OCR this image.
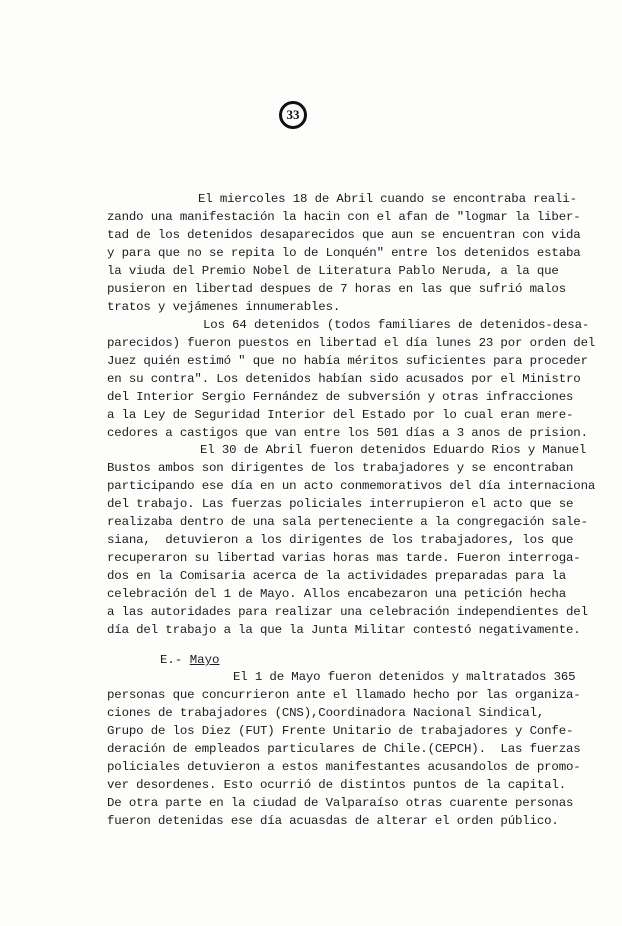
33
El miercoles 18 de Abril cuando se encontraba reali-
zando una manifestación la hacin con el afan de "logmar la liber-
tad de los detenidos desaparecidos que aun se encuentran con vida
y para que no se repita lo de Lonquén" entre los detenidos estaba
la viuda del Premio Nobel de Literatura Pablo Neruda, a la que
pusieron en libertad despues de 7 horas en las que sufrió malos
tratos y vejámenes innumerables.
Los 64 detenidos (todos familiares de detenidos-desa-
parecidos) fueron puestos en libertad el día lunes 23 por orden del
Juez quién estimó " que no había méritos suficientes para proceder
en su contra". Los detenidos habían sido acusados por el Ministro
del Interior Sergio Fernández de subversión y otras infracciones
a la Ley de Seguridad Interior del Estado por lo cual eran mere-
cedores a castigos que van entre los 501 días a 3 anos de prision.
El 30 de Abril fueron detenidos Eduardo Rios y Manuel
Bustos ambos son dirigentes de los trabajadores y se encontraban
participando ese día en un acto conmemorativos del día internaciona
del trabajo. Las fuerzas policiales interrupieron el acto que se
realizaba dentro de una sala perteneciente a la congregación sale-
siana,  detuvieron a los dirigentes de los trabajadores, los que
recuperaron su libertad varias horas mas tarde. Fueron interroga-
dos en la Comisaria acerca de la actividades preparadas para la
celebración del 1 de Mayo. Allos encabezaron una petición hecha
a las autoridades para realizar una celebración independientes del
día del trabajo a la que la Junta Militar contestó negativamente.
E.- Mayo
El 1 de Mayo fueron detenidos y maltratados 365
personas que concurrieron ante el llamado hecho por las organiza-
ciones de trabajadores (CNS),Coordinadora Nacional Sindical,
Grupo de los Diez (FUT) Frente Unitario de trabajadores y Confe-
deración de empleados particulares de Chile.(CEPCH).  Las fuerzas
policiales detuvieron a estos manifestantes acusandolos de promo-
ver desordenes. Esto ocurrió de distintos puntos de la capital.
De otra parte en la ciudad de Valparaíso otras cuarente personas
fueron detenidas ese día acuasdas de alterar el orden público.
